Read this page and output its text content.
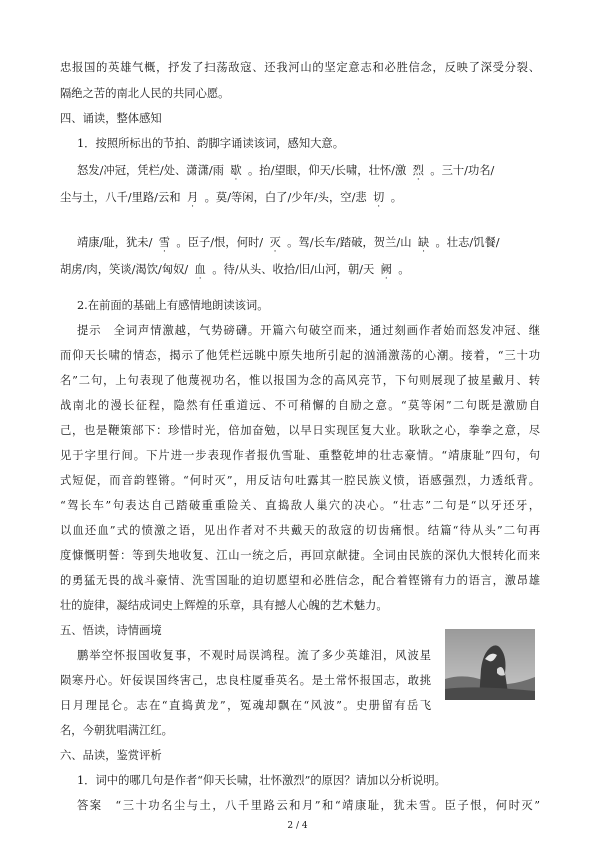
忠报国的英雄气概，抒发了扫荡敌寇、还我河山的坚定意志和必胜信念，反映了深受分裂、
隔绝之苦的南北人民的共同心愿。
四、诵读，整体感知
1．按照所标出的节拍、韵脚字诵读该词，感知大意。
怒发/冲冠，凭栏/处、潇潇/雨 歇
·
。抬/望眼，仰天/长啸，壮怀/激 烈
·
。三十/功名/
尘与土，八千/里路/云和 月
·
。莫/等闲，白了/少年/头，空/悲 切
·
。
靖康/耻，犹未/ 雪
·
。臣子/恨，何时/ 灭
·
。驾/长车/踏破，贺兰/山 缺
·
。壮志/饥餐/
胡虏/肉，笑谈/渴饮/匈奴/ 血
·
。待/从头、收拾/旧/山河，朝/天 阙
·
。
2.在前面的基础上有感情地朗读该词。
提示　全词声情激越，气势磅礴。开篇六句破空而来，通过刻画作者始而怒发冲冠、继
而仰天长啸的情态，揭示了他凭栏远眺中原失地所引起的汹涌激荡的心潮。接着，“三十功
名”二句，上句表现了他蔑视功名，惟以报国为念的高风亮节，下句则展现了披星戴月、转
战南北的漫长征程，隐然有任重道远、不可稍懈的自励之意。“莫等闲”二句既是激励自
己，也是鞭策部下：珍惜时光，倍加奋勉，以早日实现匡复大业。耿耿之心，拳拳之意，尽
见于字里行间。下片进一步表现作者报仇雪耻、重整乾坤的壮志豪情。“靖康耻”四句，句
式短促，而音韵铿锵。“何时灭”，用反诘句吐露其一腔民族义愤，语感强烈，力透纸背。
“驾长车”句表达自己踏破重重险关、直捣敌人巢穴的决心。“壮志”二句是“以牙还牙，
以血还血”式的愤激之语，见出作者对不共戴天的敌寇的切齿痛恨。结篇“待从头”二句再
度慷慨明誓：等到失地收复、江山一统之后，再回京献捷。全词由民族的深仇大恨转化而来
的勇猛无畏的战斗豪情、洗雪国耻的迫切愿望和必胜信念，配合着铿锵有力的语言，激昂雄
壮的旋律，凝结成词史上辉煌的乐章，具有撼人心魄的艺术魅力。
五、悟读，诗情画境
鹏举空怀报国收复事，不观时局误鸿程。流了多少英雄泪，风波星
陨寒丹心。奸佞误国终害己，忠良柱厦垂英名。是土常怀报国志，敢挑
日月理昆仑。志在“直捣黄龙”，冤魂却飘在“风波”。史册留有岳飞
名，今朝犹唱满江红。
六、品读，鉴赏评析
1．词中的哪几句是作者“仰天长啸，壮怀激烈”的原因？请加以分析说明。
答案　“三十功名尘与土，八千里路云和月”和“靖康耻，犹未雪。臣子恨，何时灭”
2 / 4
